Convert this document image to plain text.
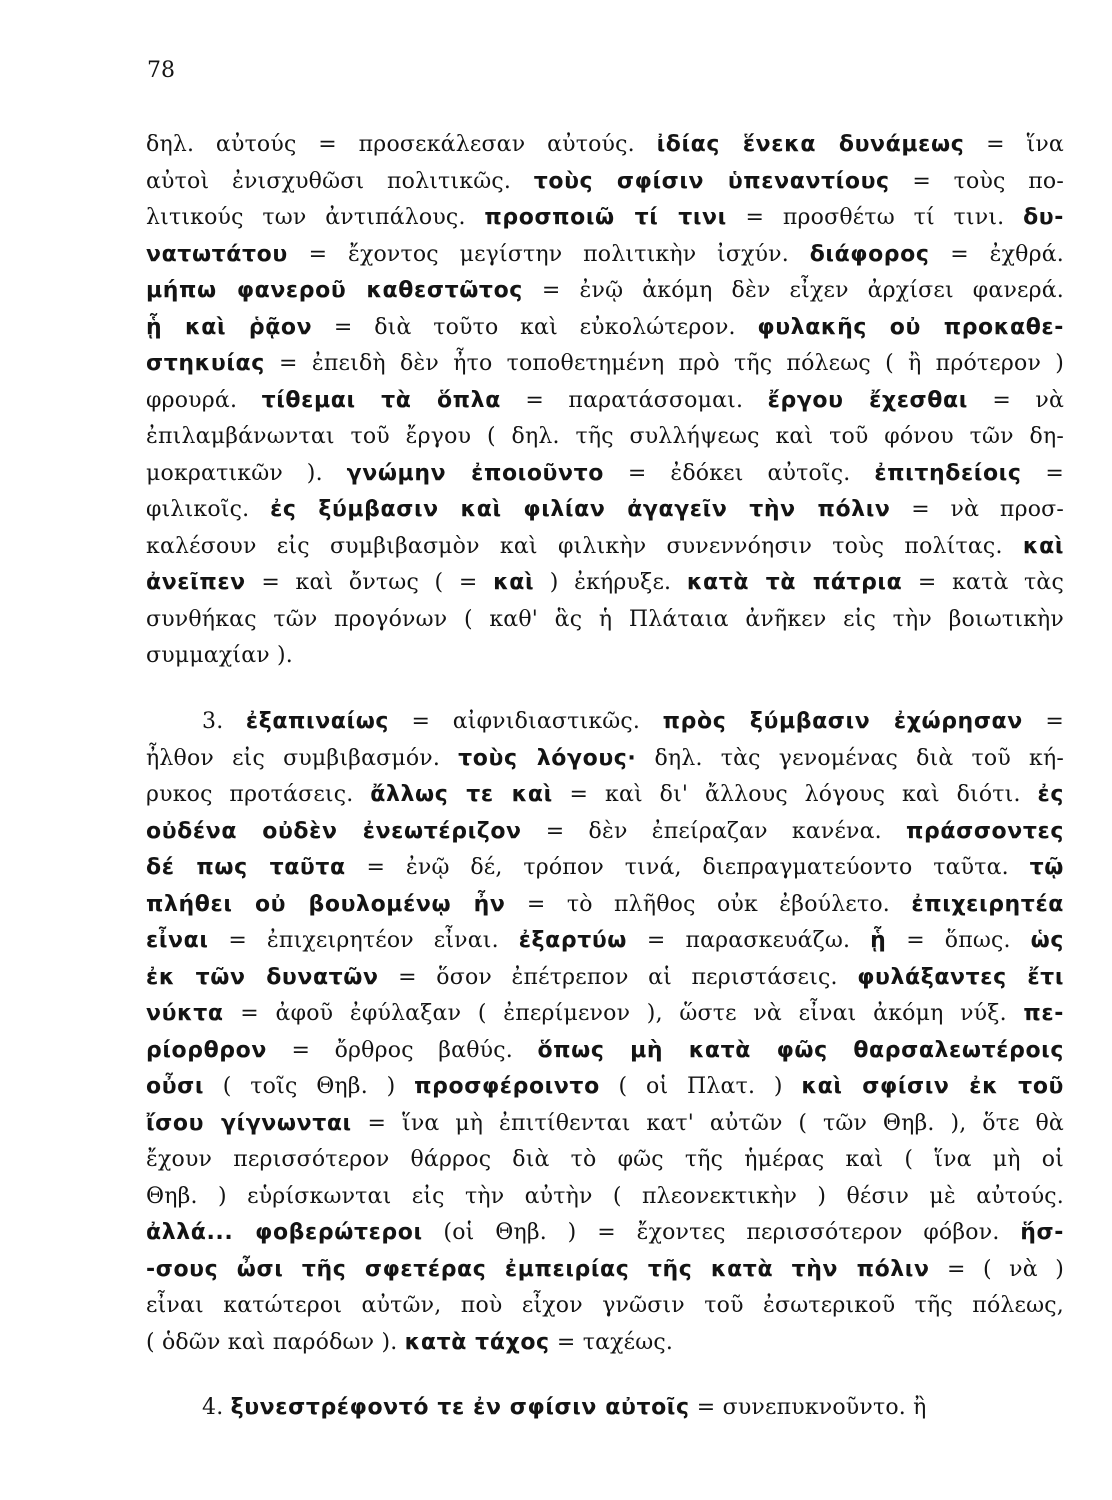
78
δηλ. αὐτούς = προσεκάλεσαν αὐτούς. ἰδίας ἕνεκα δυνάμεως = ἵνα
αὐτοὶ ἐνισχυθῶσι πολιτικῶς. τοὺς σφίσιν ὑπεναντίους = τοὺς πο-
λιτικούς των ἀντιπάλους. προσποιῶ τί τινι = προσθέτω τί τινι. δυ-
νατωτάτου = ἔχοντος μεγίστην πολιτικὴν ἰσχύν. διάφορος = ἐχθρά.
μήπω φανεροῦ καθεστῶτος = ἐνῷ ἀκόμη δὲν εἶχεν ἀρχίσει φανερά.
ᾗ καὶ ῥᾷον = διὰ τοῦτο καὶ εὐκολώτερον. φυλακῆς οὐ προκαθε-
στηκυίας = ἐπειδὴ δὲν ἦτο τοποθετημένη πρὸ τῆς πόλεως ( ἢ πρότερον )
φρουρά. τίθεμαι τὰ ὅπλα = παρατάσσομαι. ἔργου ἔχεσθαι = νὰ
ἐπιλαμβάνωνται τοῦ ἔργου ( δηλ. τῆς συλλήψεως καὶ τοῦ φόνου τῶν δη-
μοκρατικῶν ). γνώμην ἐποιοῦντο = ἐδόκει αὐτοῖς. ἐπιτηδείοις =
φιλικοῖς. ἐς ξύμβασιν καὶ φιλίαν ἀγαγεῖν τὴν πόλιν = νὰ προσ-
καλέσουν εἰς συμβιβασμὸν καὶ φιλικὴν συνεννόησιν τοὺς πολίτας. καὶ
ἀνεῖπεν = καὶ ὄντως ( = καὶ ) ἐκήρυξε. κατὰ τὰ πάτρια = κατὰ τὰς
συνθήκας τῶν προγόνων ( καθ' ἃς ἡ Πλάταια ἀνῆκεν εἰς τὴν βοιωτικὴν
συμμαχίαν ).
3. ἐξαπιναίως = αἰφνιδιαστικῶς. πρὸς ξύμβασιν ἐχώρησαν =
ἦλθον εἰς συμβιβασμόν. τοὺς λόγους· δηλ. τὰς γενομένας διὰ τοῦ κή-
ρυκος προτάσεις. ἄλλως τε καὶ = καὶ δι' ἄλλους λόγους καὶ διότι. ἐς
οὐδένα οὐδὲν ἐνεωτέριζον = δὲν ἐπείραζαν κανένα. πράσσοντες
δέ πως ταῦτα = ἐνῷ δέ, τρόπον τινά, διεπραγματεύοντο ταῦτα. τῷ
πλήθει οὐ βουλομένῳ ἦν = τὸ πλῆθος οὐκ ἐβούλετο. ἐπιχειρητέα
εἶναι = ἐπιχειρητέον εἶναι. ἐξαρτύω = παρασκευάζω. ᾗ = ὅπως. ὡς
ἐκ τῶν δυνατῶν = ὅσον ἐπέτρεπον αἱ περιστάσεις. φυλάξαντες ἔτι
νύκτα = ἀφοῦ ἐφύλαξαν ( ἐπερίμενον ), ὥστε νὰ εἶναι ἀκόμη νύξ. πε-
ρίορθρον = ὄρθρος βαθύς. ὅπως μὴ κατὰ φῶς θαρσαλεωτέροις
οὖσι ( τοῖς Θηβ. ) προσφέροιντο ( οἱ Πλατ. ) καὶ σφίσιν ἐκ τοῦ
ἴσου γίγνωνται = ἵνα μὴ ἐπιτίθενται κατ' αὐτῶν ( τῶν Θηβ. ), ὅτε θὰ
ἔχουν περισσότερον θάρρος διὰ τὸ φῶς τῆς ἡμέρας καὶ ( ἵνα μὴ οἱ
Θηβ. ) εὑρίσκωνται εἰς τὴν αὐτὴν ( πλεονεκτικὴν ) θέσιν μὲ αὐτούς.
ἀλλά... φοβερώτεροι (οἱ Θηβ. ) = ἔχοντες περισσότερον φόβον. ἥσ-
-σους ὦσι τῆς σφετέρας ἐμπειρίας τῆς κατὰ τὴν πόλιν = ( νὰ )
εἶναι κατώτεροι αὐτῶν, ποὺ εἶχον γνῶσιν τοῦ ἐσωτερικοῦ τῆς πόλεως,
( ὁδῶν καὶ παρόδων ). κατὰ τάχος = ταχέως.
4. ξυνεστρέφοντό τε ἐν σφίσιν αὐτοῖς = συνεπυκνοῦντο. ἢ
